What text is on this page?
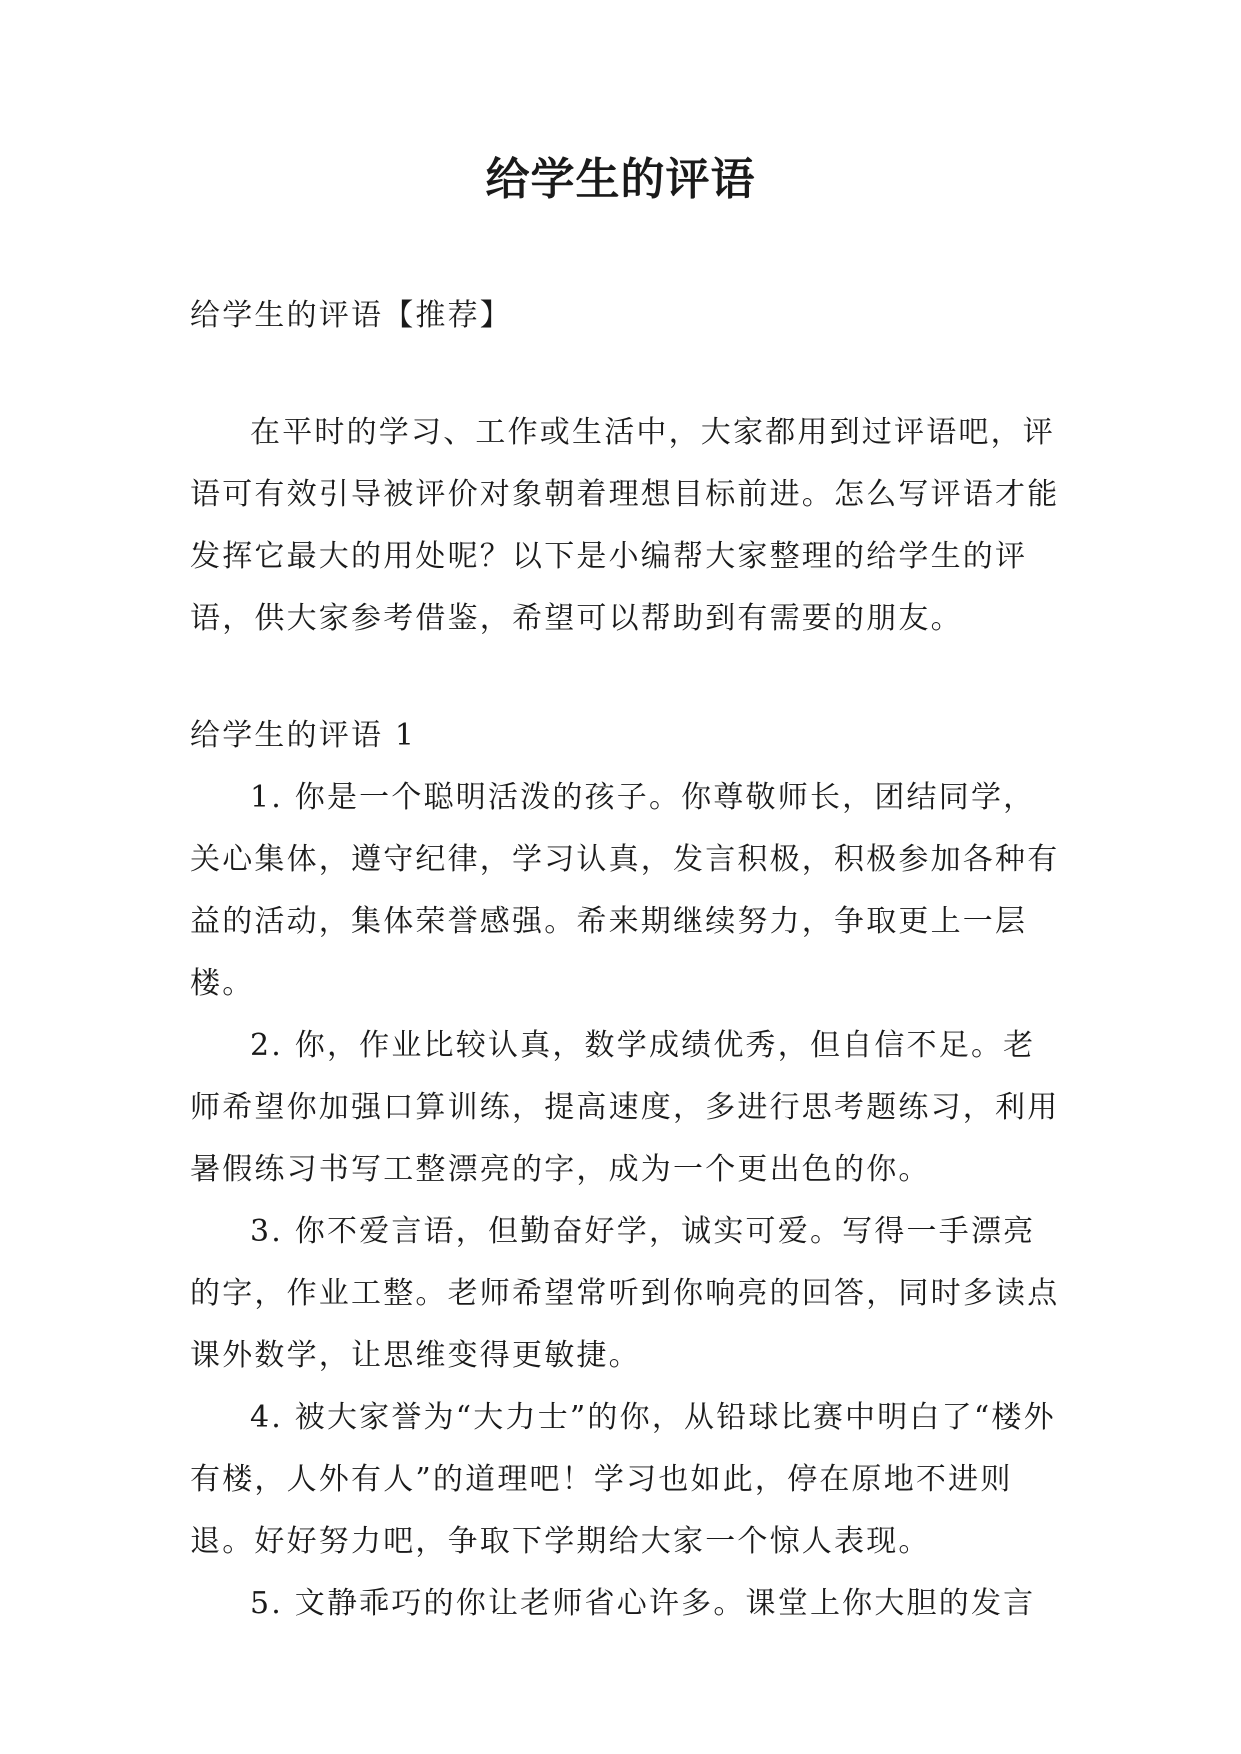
给学生的评语

给学生的评语【推荐】

在平时的学习、工作或生活中，大家都用到过评语吧，评语可有效引导被评价对象朝着理想目标前进。怎么写评语才能发挥它最大的用处呢？以下是小编帮大家整理的给学生的评语，供大家参考借鉴，希望可以帮助到有需要的朋友。

给学生的评语 1

1. 你是一个聪明活泼的孩子。你尊敬师长，团结同学，关心集体，遵守纪律，学习认真，发言积极，积极参加各种有益的活动，集体荣誉感强。希来期继续努力，争取更上一层楼。

2. 你，作业比较认真，数学成绩优秀，但自信不足。老师希望你加强口算训练，提高速度，多进行思考题练习，利用暑假练习书写工整漂亮的字，成为一个更出色的你。

3. 你不爱言语，但勤奋好学，诚实可爱。写得一手漂亮的字，作业工整。老师希望常听到你响亮的回答，同时多读点课外数学，让思维变得更敏捷。

4. 被大家誉为“大力士”的你，从铅球比赛中明白了“楼外有楼，人外有人”的道理吧！学习也如此，停在原地不进则退。好好努力吧，争取下学期给大家一个惊人表现。

5. 文静乖巧的你让老师省心许多。课堂上你大胆的发言
